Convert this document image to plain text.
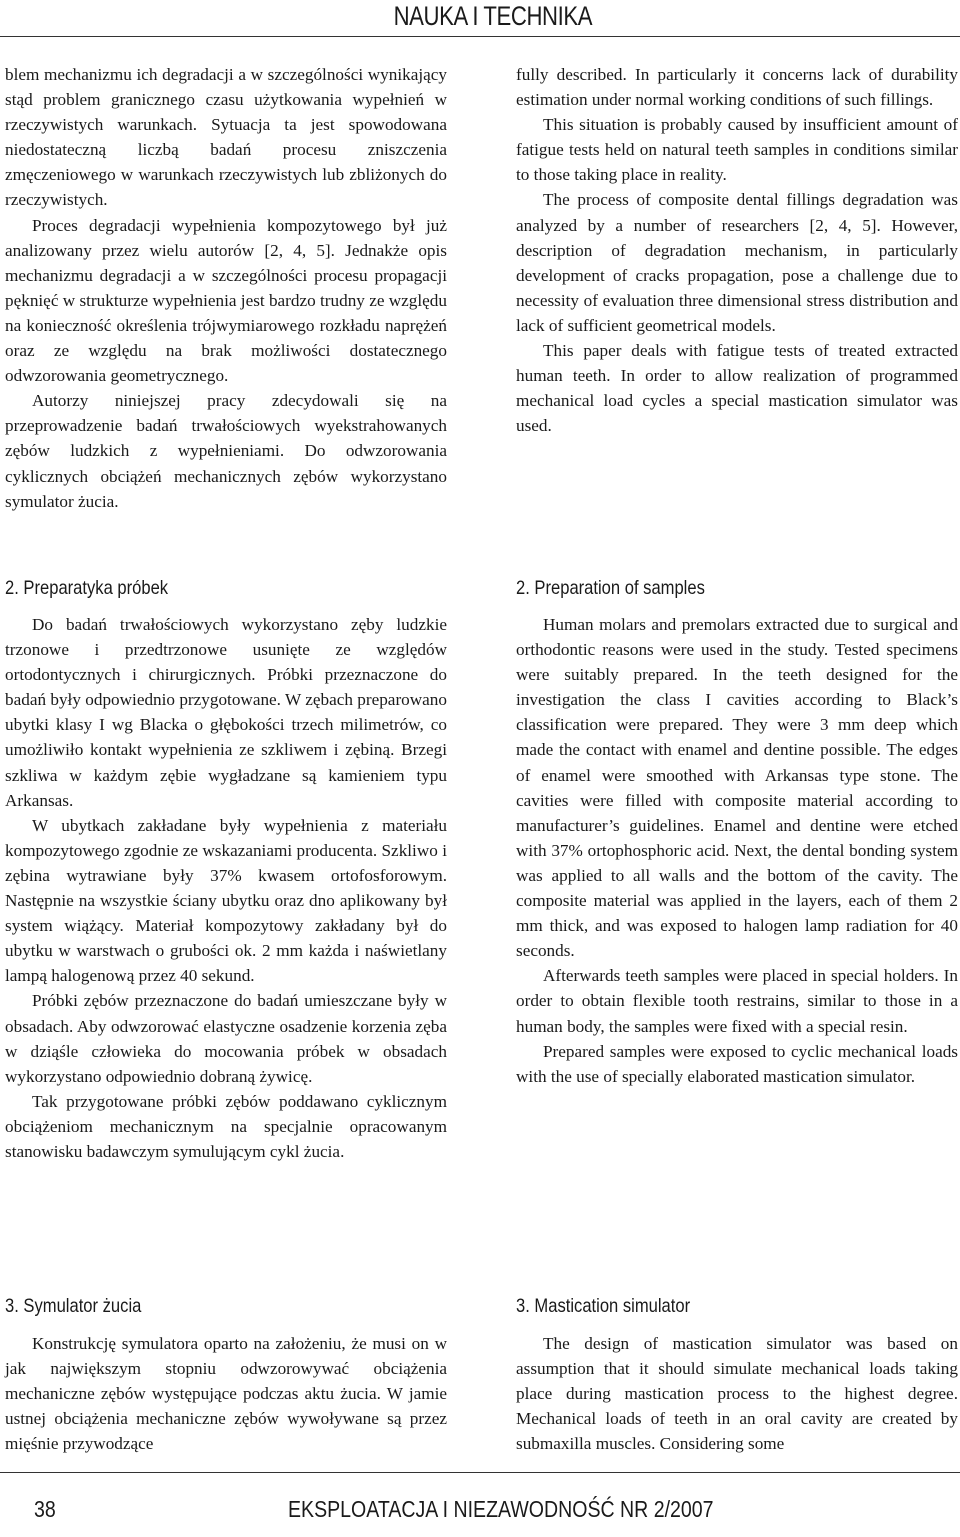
NAUKA I TECHNIKA

blem mechanizmu ich degradacji a w szczególności wynikający stąd problem granicznego czasu użytkowania wypełnień w rzeczywistych warunkach. Sytuacja ta jest spowodowana niedostateczną liczbą badań procesu zniszczenia zmęczeniowego w warunkach rzeczywistych lub zbliżonych do rzeczywistych.

Proces degradacji wypełnienia kompozytowego był już analizowany przez wielu autorów [2, 4, 5]. Jednakże opis mechanizmu degradacji a w szczególności procesu propagacji pęknięć w strukturze wypełnienia jest bardzo trudny ze względu na konieczność określenia trójwymiarowego rozkładu naprężeń oraz ze względu na brak możliwości dostatecznego odwzorowania geometrycznego.

Autorzy niniejszej pracy zdecydowali się na przeprowadzenie badań trwałościowych wyekstrahowanych zębów ludzkich z wypełnieniami. Do odwzorowania cyklicznych obciążeń mechanicznych zębów wykorzystano symulator żucia.

fully described. In particularly it concerns lack of durability estimation under normal working conditions of such fillings.

This situation is probably caused by insufficient amount of fatigue tests held on natural teeth samples in conditions similar to those taking place in reality.

The process of composite dental fillings degradation was analyzed by a number of researchers [2, 4, 5]. However, description of degradation mechanism, in particularly development of cracks propagation, pose a challenge due to necessity of evaluation three dimensional stress distribution and lack of sufficient geometrical models.

This paper deals with fatigue tests of treated extracted human teeth. In order to allow realization of programmed mechanical load cycles a special mastication simulator was used.

2. Preparatyka próbek	2. Preparation of samples

Do badań trwałościowych wykorzystano zęby ludzkie trzonowe i przedtrzonowe usunięte ze względów ortodontycznych i chirurgicznych. Próbki przeznaczone do badań były odpowiednio przygotowane. W zębach preparowano ubytki klasy I wg Blacka o głębokości trzech milimetrów, co umożliwiło kontakt wypełnienia ze szkliwem i zębiną. Brzegi szkliwa w każdym zębie wygładzane są kamieniem typu Arkansas.

W ubytkach zakładane były wypełnienia z materiału kompozytowego zgodnie ze wskazaniami producenta. Szkliwo i zębina wytrawiane były 37% kwasem ortofosforowym. Następnie na wszystkie ściany ubytku oraz dno aplikowany był system wiążący. Materiał kompozytowy zakładany był do ubytku w warstwach o grubości ok. 2 mm każda i naświetlany lampą halogenową przez 40 sekund.

Próbki zębów przeznaczone do badań umieszczane były w obsadach. Aby odwzorować elastyczne osadzenie korzenia zęba w dziąśle człowieka do mocowania próbek w obsadach wykorzystano odpowiednio dobraną żywicę.

Tak przygotowane próbki zębów poddawano cyklicznym obciążeniom mechanicznym na specjalnie opracowanym stanowisku badawczym symulującym cykl żucia.

Human molars and premolars extracted due to surgical and orthodontic reasons were used in the study. Tested specimens were suitably prepared. In the teeth designed for the investigation the class I cavities according to Black’s classification were prepared. They were 3 mm deep which made the contact with enamel and dentine possible. The edges of enamel were smoothed with Arkansas type stone. The cavities were filled with composite material according to manufacturer’s guidelines. Enamel and dentine were etched with 37% ortophosphoric acid. Next, the dental bonding system was applied to all walls and the bottom of the cavity. The composite material was applied in the layers, each of them 2 mm thick, and was exposed to halogen lamp radiation for 40 seconds.

Afterwards teeth samples were placed in special holders. In order to obtain flexible tooth restrains, similar to those in a human body, the samples were fixed with a special resin.

Prepared samples were exposed to cyclic mechanical loads with the use of specially elaborated mastication simulator.

3. Symulator żucia	3. Mastication simulator

Konstrukcję symulatora oparto na założeniu, że musi on w jak największym stopniu odwzorowywać obciążenia mechaniczne zębów występujące podczas aktu żucia. W jamie ustnej obciążenia mechaniczne zębów wywoływane są przez mięśnie przywodzące

The design of mastication simulator was based on assumption that it should simulate mechanical loads taking place during mastication process to the highest degree. Mechanical loads of teeth in an oral cavity are created by submaxilla muscles. Considering some

38	EKSPLOATACJA I NIEZAWODNOŚĆ NR 2/2007
